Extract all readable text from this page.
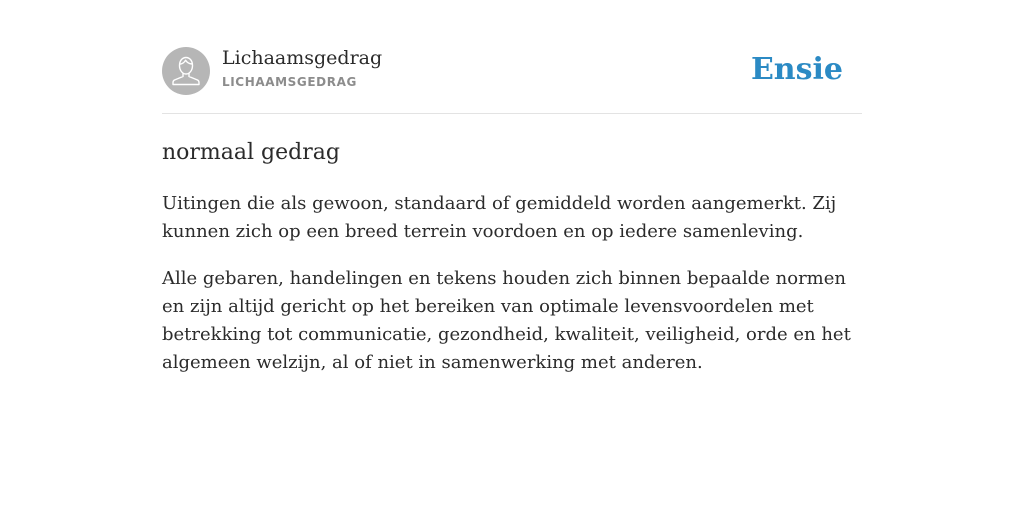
Lichaamsgedrag
LICHAAMSGEDRAG	Ensie
normaal gedrag

Uitingen die als gewoon, standaard of gemiddeld worden aangemerkt. Zij kunnen zich op een breed terrein voordoen en op iedere samenleving.

Alle gebaren, handelingen en tekens houden zich binnen bepaalde normen en zijn altijd gericht op het bereiken van optimale levensvoordelen met betrekking tot communicatie, gezondheid, kwaliteit, veiligheid, orde en het algemeen welzijn, al of niet in samenwerking met anderen.
